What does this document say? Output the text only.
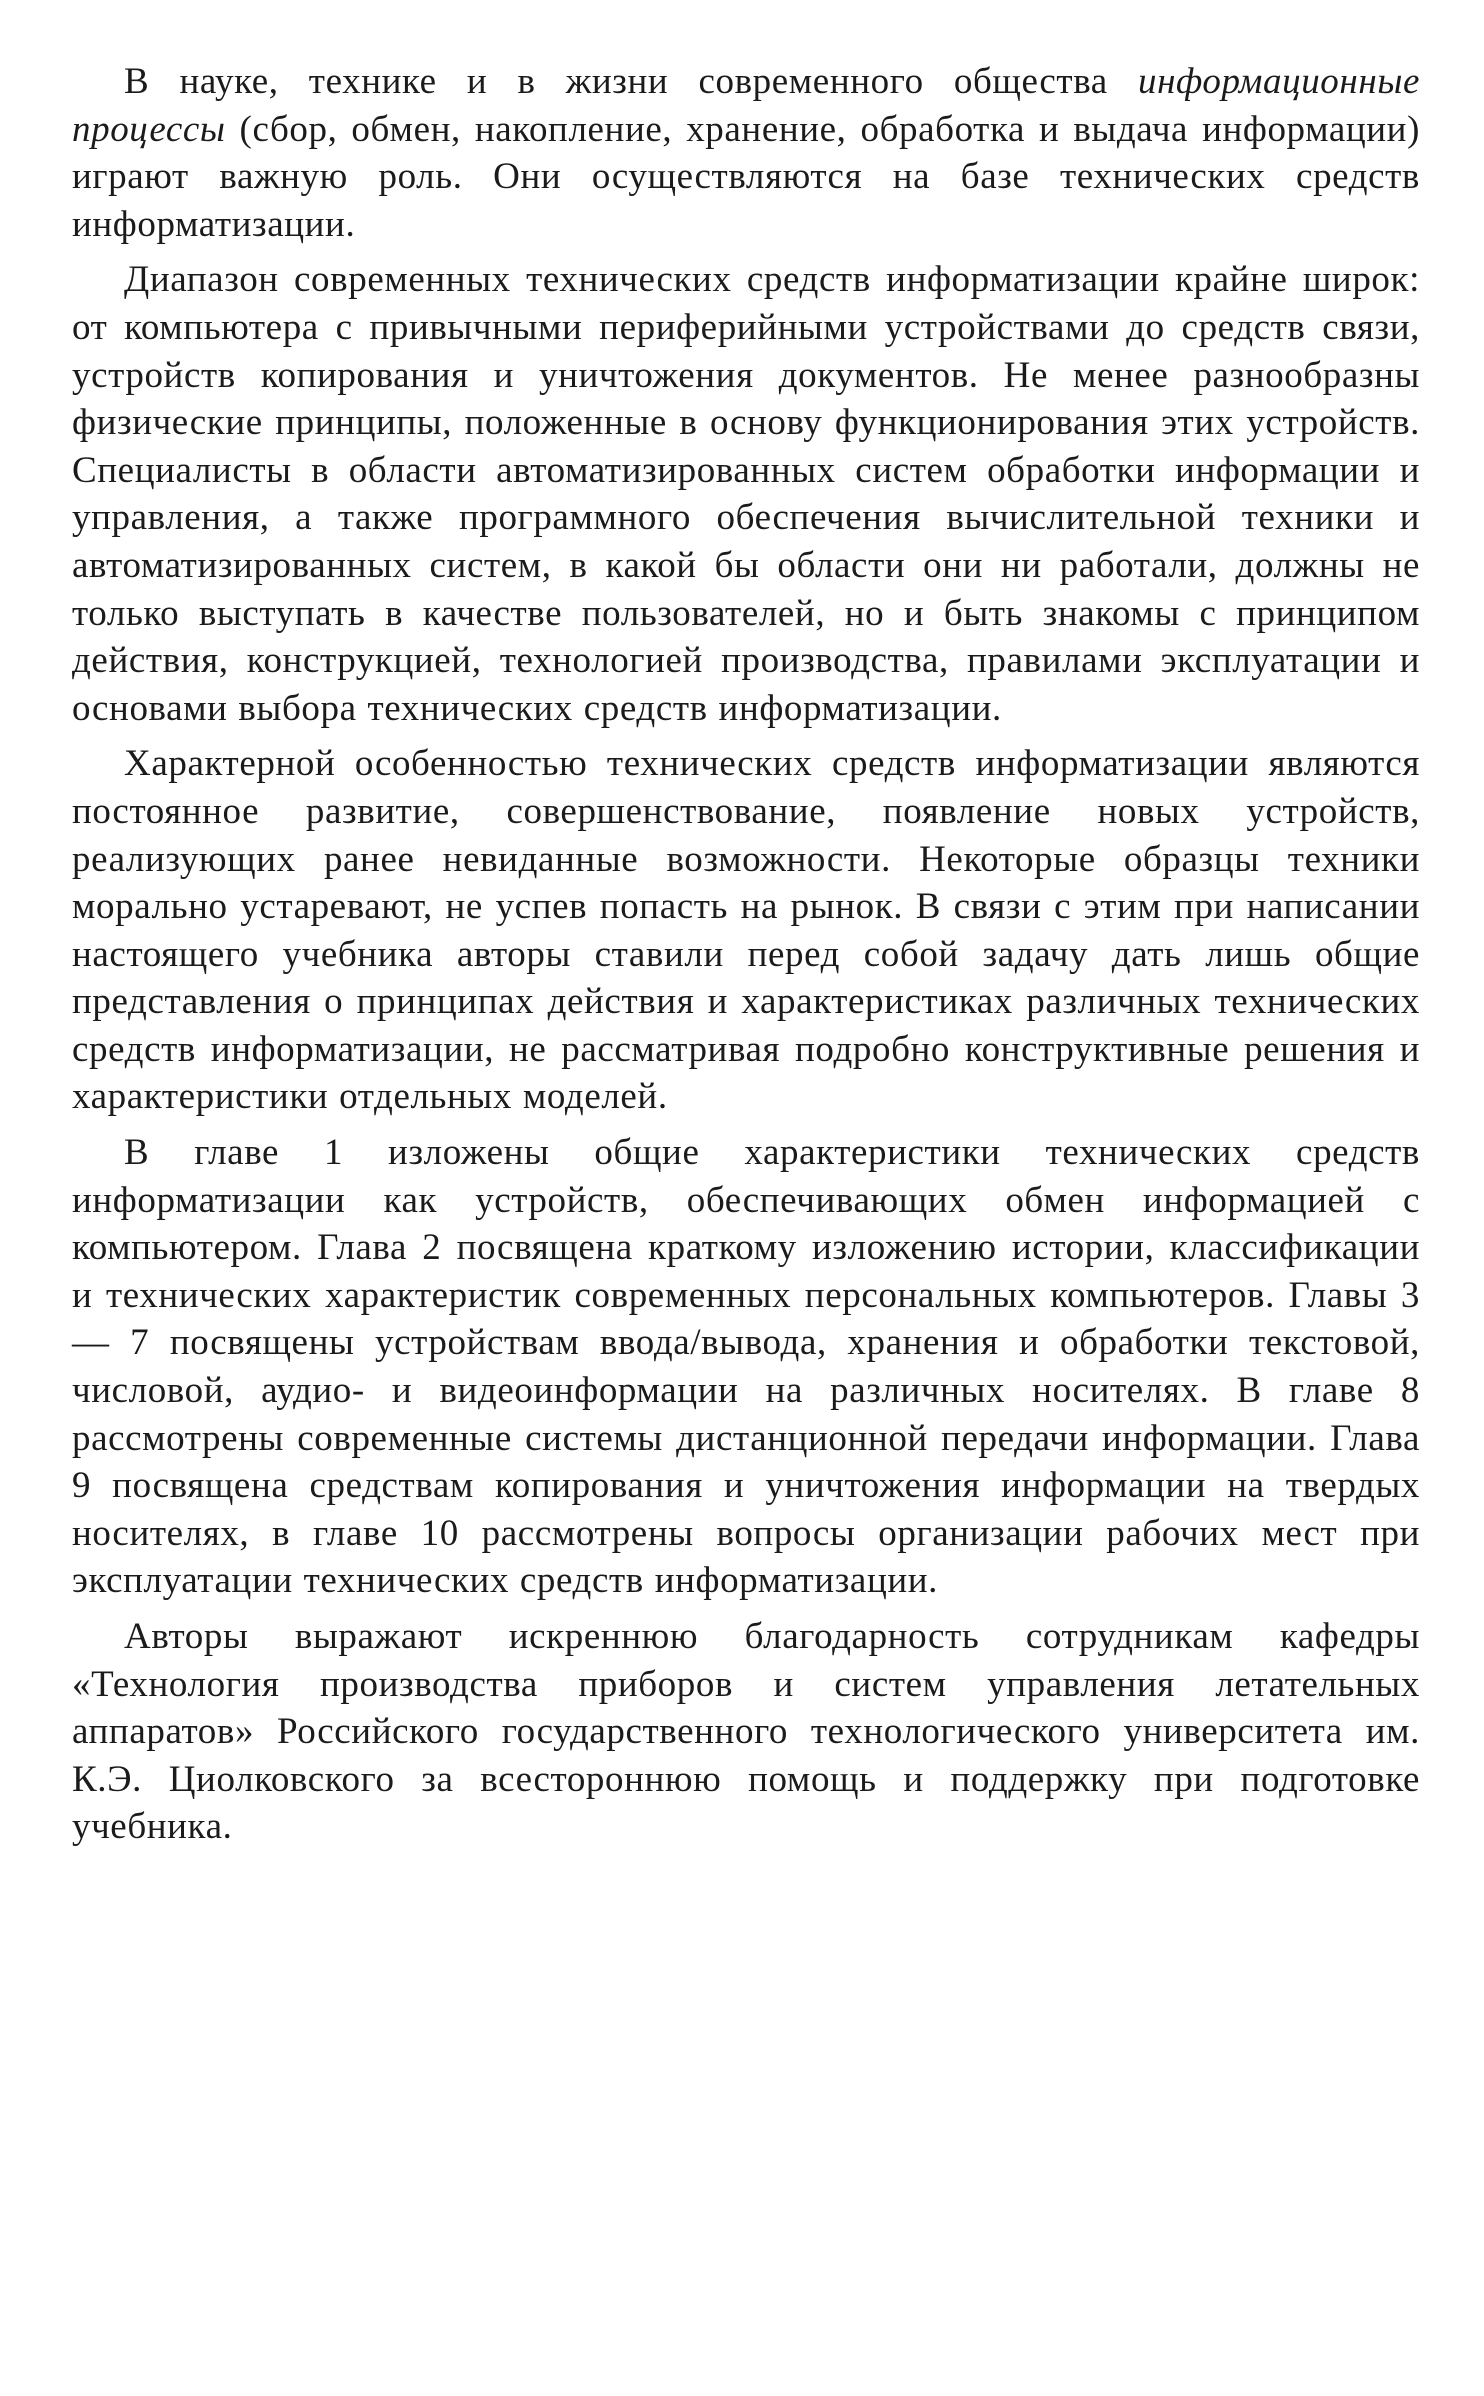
В науке, технике и в жизни современного общества информационные процессы (сбор, обмен, накопление, хранение, обработка и выдача информации) играют важную роль. Они осуществляются на базе технических средств информатизации.

Диапазон современных технических средств информатизации крайне широк: от компьютера с привычными периферийными устройствами до средств связи, устройств копирования и уничтожения документов. Не менее разнообразны физические принципы, положенные в основу функционирования этих устройств. Специалисты в области автоматизированных систем обработки информации и управления, а также программного обеспечения вычислительной техники и автоматизированных систем, в какой бы области они ни работали, должны не только выступать в качестве пользователей, но и быть знакомы с принципом действия, конструкцией, технологией производства, правилами эксплуатации и основами выбора технических средств информатизации.

Характерной особенностью технических средств информатизации являются постоянное развитие, совершенствование, появление новых устройств, реализующих ранее невиданные возможности. Некоторые образцы техники морально устаревают, не успев попасть на рынок. В связи с этим при написании настоящего учебника авторы ставили перед собой задачу дать лишь общие представления о принципах действия и характеристиках различных технических средств информатизации, не рассматривая подробно конструктивные решения и характеристики отдельных моделей.

В главе 1 изложены общие характеристики технических средств информатизации как устройств, обеспечивающих обмен информацией с компьютером. Глава 2 посвящена краткому изложению истории, классификации и технических характеристик современных персональных компьютеров. Главы 3 — 7 посвящены устройствам ввода/вывода, хранения и обработки текстовой, числовой, аудио- и видеоинформации на различных носителях. В главе 8 рассмотрены современные системы дистанционной передачи информации. Глава 9 посвящена средствам копирования и уничтожения информации на твердых носителях, в главе 10 рассмотрены вопросы организации рабочих мест при эксплуатации технических средств информатизации.

Авторы выражают искреннюю благодарность сотрудникам кафедры «Технология производства приборов и систем управления летательных аппаратов» Российского государственного технологического университета им. К.Э. Циолковского за всестороннюю помощь и поддержку при подготовке учебника.
